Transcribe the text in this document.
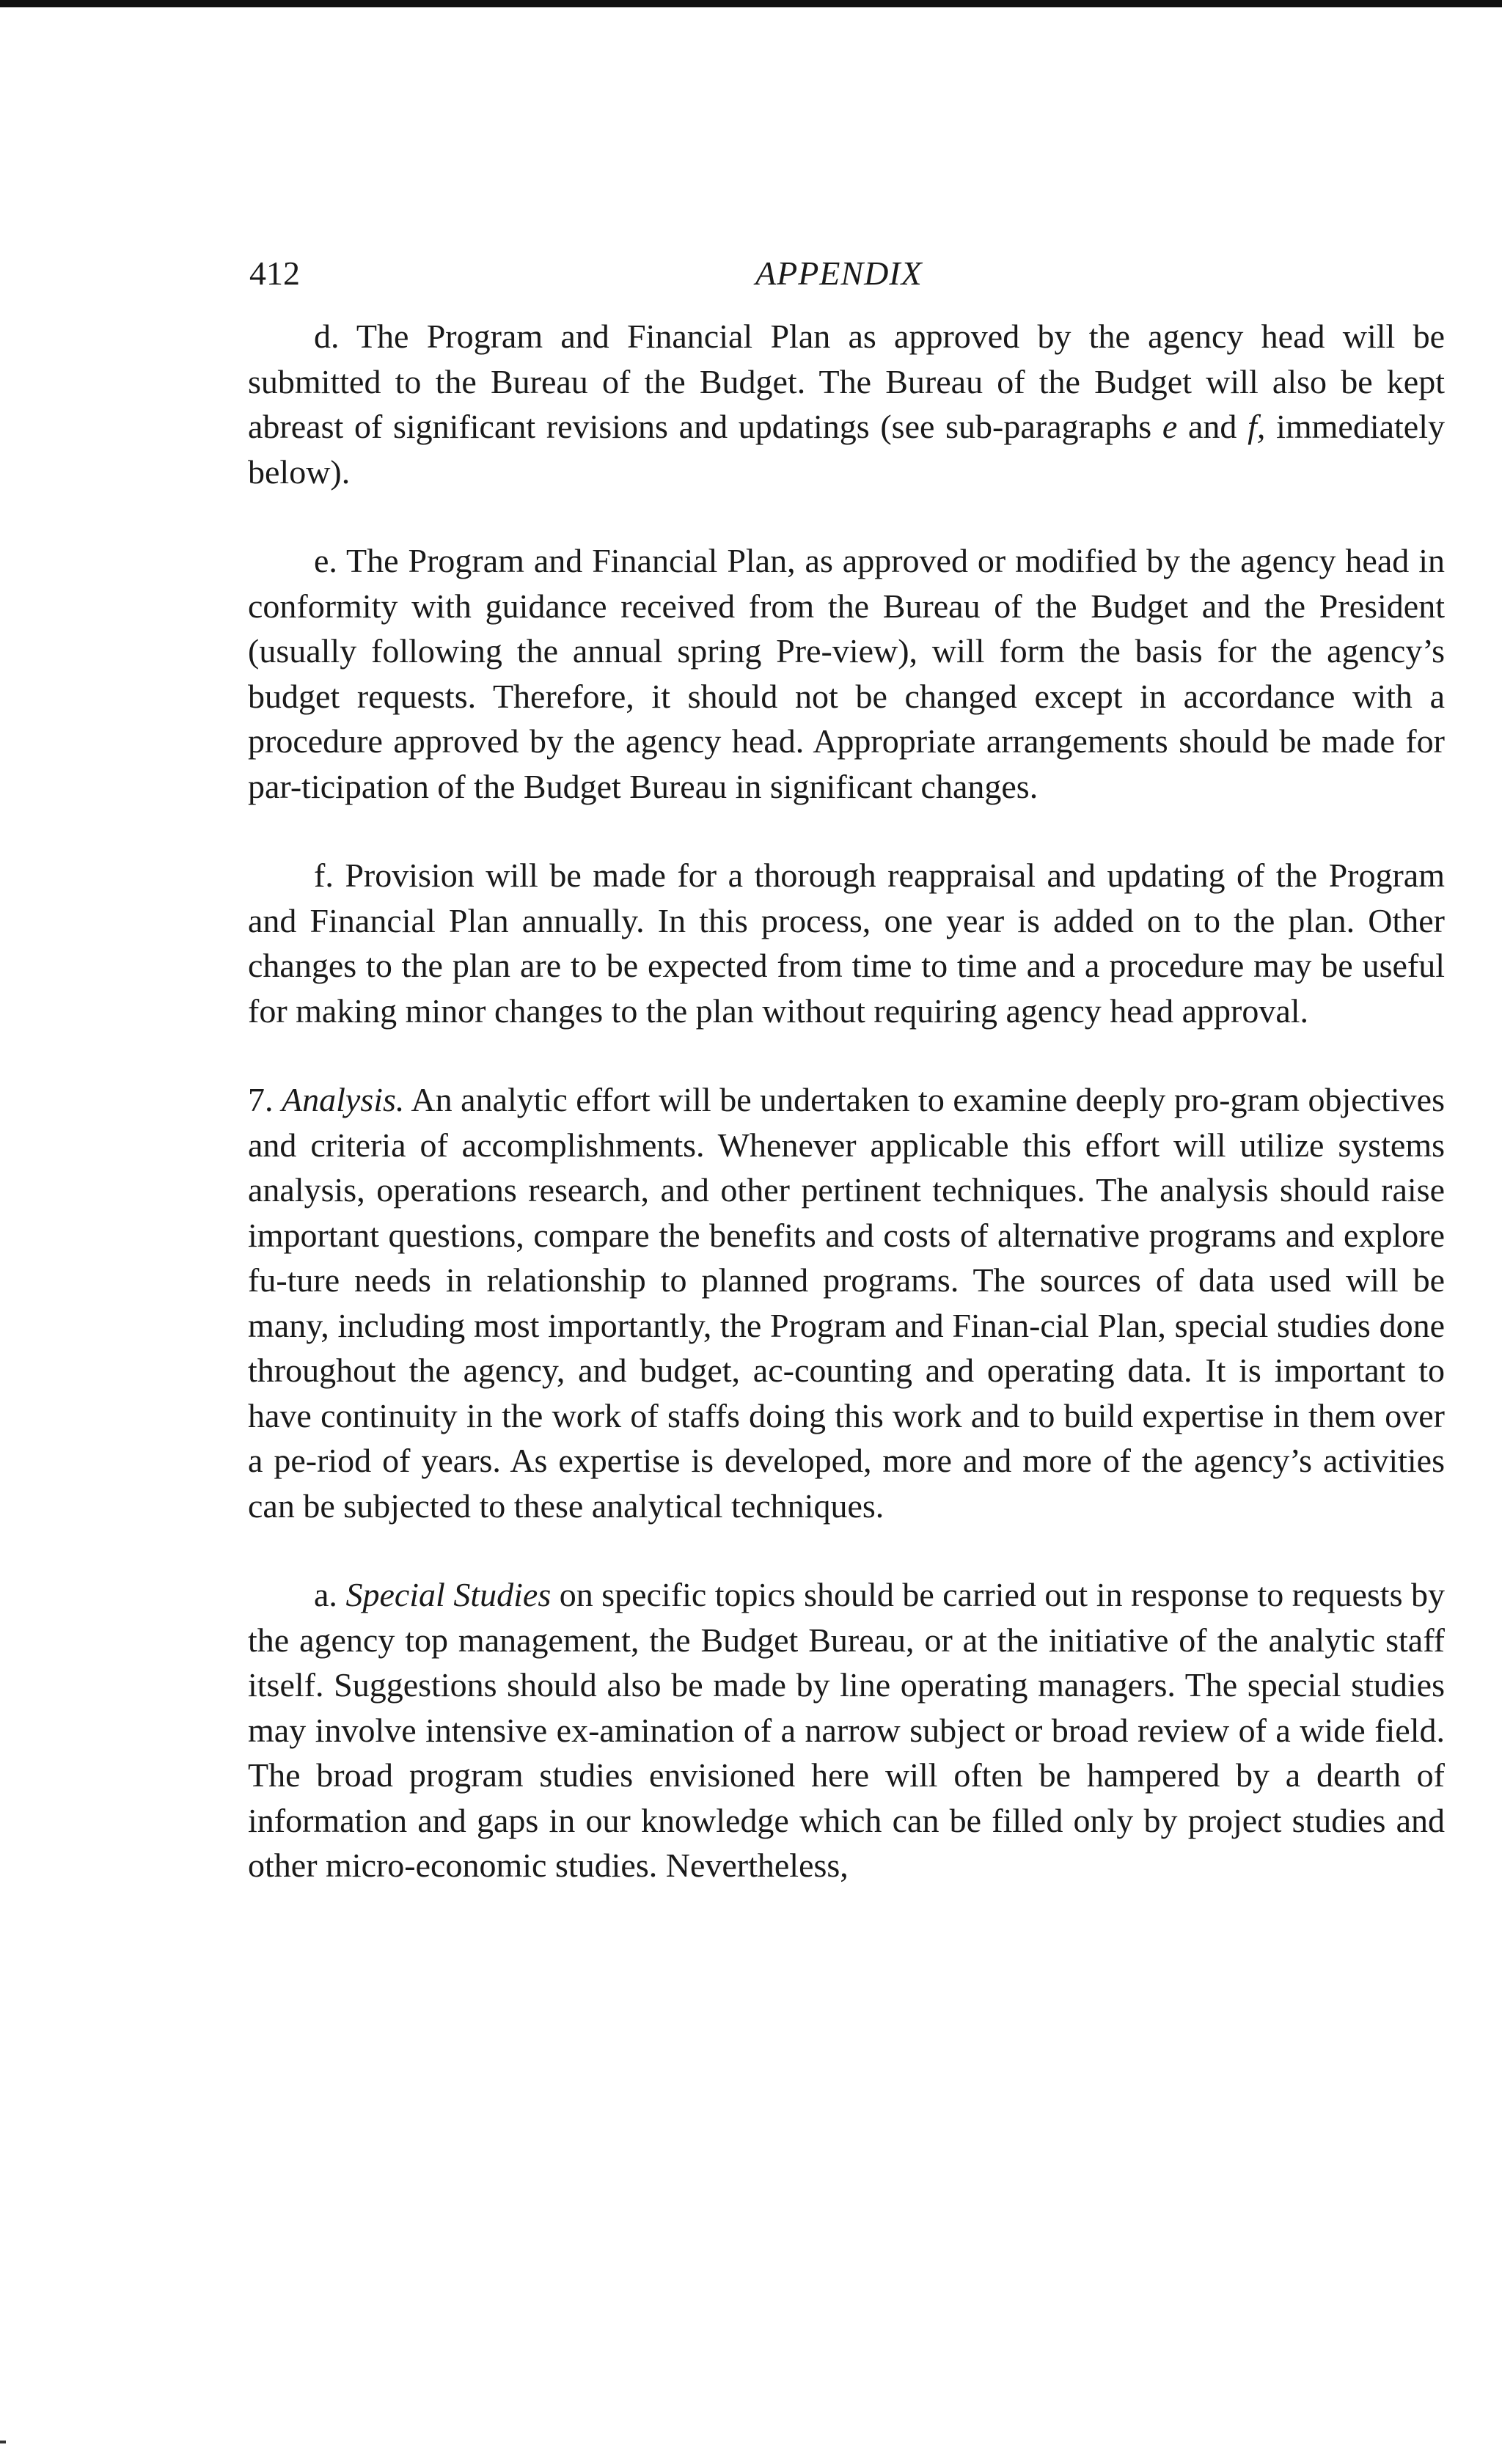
412	APPENDIX

d. The Program and Financial Plan as approved by the agency head will be submitted to the Bureau of the Budget. The Bureau of the Budget will also be kept abreast of significant revisions and updatings (see sub-paragraphs e and f, immediately below).

e. The Program and Financial Plan, as approved or modified by the agency head in conformity with guidance received from the Bureau of the Budget and the President (usually following the annual spring Pre-view), will form the basis for the agency’s budget requests. Therefore, it should not be changed except in accordance with a procedure approved by the agency head. Appropriate arrangements should be made for par-ticipation of the Budget Bureau in significant changes.

f. Provision will be made for a thorough reappraisal and updating of the Program and Financial Plan annually. In this process, one year is added on to the plan. Other changes to the plan are to be expected from time to time and a procedure may be useful for making minor changes to the plan without requiring agency head approval.

7. Analysis. An analytic effort will be undertaken to examine deeply pro-gram objectives and criteria of accomplishments. Whenever applicable this effort will utilize systems analysis, operations research, and other pertinent techniques. The analysis should raise important questions, compare the benefits and costs of alternative programs and explore fu-ture needs in relationship to planned programs. The sources of data used will be many, including most importantly, the Program and Finan-cial Plan, special studies done throughout the agency, and budget, ac-counting and operating data. It is important to have continuity in the work of staffs doing this work and to build expertise in them over a pe-riod of years. As expertise is developed, more and more of the agency’s activities can be subjected to these analytical techniques.

a. Special Studies on specific topics should be carried out in response to requests by the agency top management, the Budget Bureau, or at the initiative of the analytic staff itself. Suggestions should also be made by line operating managers. The special studies may involve intensive ex-amination of a narrow subject or broad review of a wide field. The broad program studies envisioned here will often be hampered by a dearth of information and gaps in our knowledge which can be filled only by project studies and other micro-economic studies. Nevertheless,
